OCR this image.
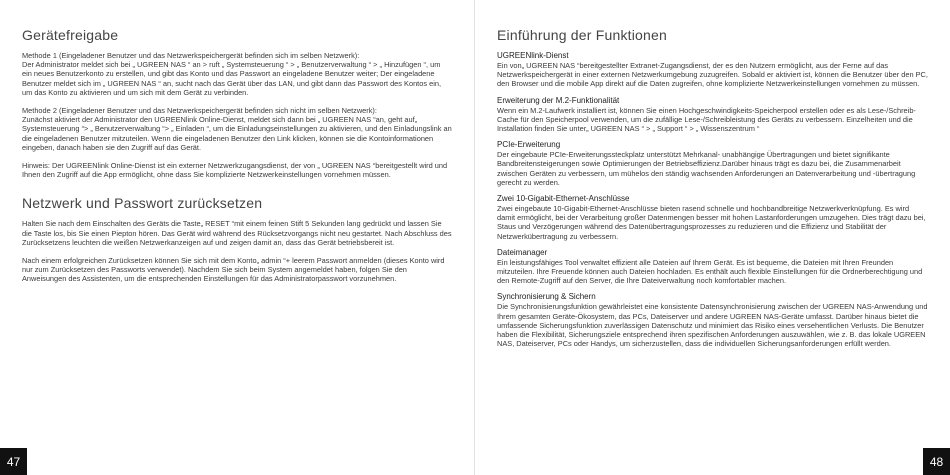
Gerätefreigabe

Methode 1 (Eingeladener Benutzer und das Netzwerkspeichergerät befinden sich im selben Netzwerk):

Der Administrator meldet sich bei „ UGREEN NAS “ an > ruft „ Systemsteuerung “ > „ Benutzerverwaltung “ > „ Hinzufügen “, um ein neues Benutzerkonto zu erstellen, und gibt das Konto und das Passwort an eingeladene Benutzer weiter; Der eingeladene Benutzer meldet sich im „ UGREEN NAS “ an, sucht nach das Gerät über das LAN, und gibt dann das Passwort des Kontos ein, um das Konto zu aktivieren und um sich mit dem Gerät zu verbinden.

Methode 2 (Eingeladener Benutzer und das Netzwerkspeichergerät befinden sich nicht im selben Netzwerk):

Zunächst aktiviert der Administrator den UGREENlink Online-Dienst, meldet sich dann bei „ UGREEN NAS “an, geht auf„ Systemsteuerung “> „ Benutzerverwaltung “> „ Einladen “, um die Einladungseinstellungen zu aktivieren, und den Einladungslink an die eingeladenen Benutzer mitzuteilen. Wenn die eingeladenen Benutzer den Link klicken, können sie die Kontoinformationen eingeben, danach haben sie den Zugriff auf das Gerät.

Hinweis: Der UGREENlink Online-Dienst ist ein externer Netzwerkzugangsdienst, der von „ UGREEN NAS “bereitgestellt wird und Ihnen den Zugriff auf die App ermöglicht, ohne dass Sie komplizierte Netzwerkeinstellungen vornehmen müssen.

Netzwerk und Passwort zurücksetzen

Halten Sie nach dem Einschalten des Geräts die Taste„ RESET “mit einem feinen Stift 5 Sekunden lang gedrückt und lassen Sie die Taste los, bis Sie einen Piepton hören. Das Gerät wird während des Rücksetzvorgangs nicht neu gestartet. Nach Abschluss des Zurücksetzens leuchten die weißen Netzwerkanzeigen auf und zeigen damit an, dass das Gerät betriebsbereit ist.

Nach einem erfolgreichen Zurücksetzen können Sie sich mit dem Konto„ admin “+ leerem Passwort anmelden (dieses Konto wird nur zum Zurücksetzen des Passworts verwendet). Nachdem Sie sich beim System angemeldet haben, folgen Sie den Anweisungen des Assistenten, um die entsprechenden Einstellungen für das Administratorpasswort vorzunehmen.

47
Einführung der Funktionen
UGREENlink-Dienst

Ein von„ UGREEN NAS “bereitgestellter Extranet-Zugangsdienst, der es den Nutzern ermöglicht, aus der Ferne auf das Netzwerkspeichergerät in einer externen Netzwerkumgebung zuzugreifen. Sobald er aktiviert ist, können die Benutzer über den PC, den Browser und die mobile App direkt auf die Daten zugreifen, ohne komplizierte Netzwerkeinstellungen vornehmen zu müssen.

Erweiterung der M.2-Funktionalität

Wenn ein M.2-Laufwerk installiert ist, können Sie einen Hochgeschwindigkeits-Speicherpool erstellen oder es als Lese-/Schreib-Cache für den Speicherpool verwenden, um die zufällige Lese-/Schreibleistung des Geräts zu verbessern. Einzelheiten und die Installation finden Sie unter„ UGREEN NAS “ > „ Support “ > „ Wissenszentrum “

PCIe-Erweiterung

Der eingebaute PCIe-Erweiterungssteckplatz unterstützt Mehrkanal- unabhängige Übertragungen und bietet signifikante Bandbreitensteigerungen sowie Optimierungen der Betriebseffizienz.Darüber hinaus trägt es dazu bei, die Zusammenarbeit zwischen Geräten zu verbessern, um mühelos den ständig wachsenden Anforderungen an Datenverarbeitung und -übertragung gerecht zu werden.

Zwei 10-Gigabit-Ethernet-Anschlüsse

Zwei eingebaute 10-Gigabit-Ethernet-Anschlüsse bieten rasend schnelle und hochbandbreitige Netzwerkverknüpfung. Es wird damit ermöglicht, bei der Verarbeitung großer Datenmengen besser mit hohen Lastanforderungen umzugehen. Dies trägt dazu bei, Staus und Verzögerungen während des Datenübertragungsprozesses zu reduzieren und die Effizienz und Stabilität der Netzwerkübertragung zu verbessern.

Dateimanager

Ein leistungsfähiges Tool verwaltet effizient alle Dateien auf Ihrem Gerät. Es ist bequeme, die Dateien mit Ihren Freunden mitzuteilen. Ihre Freuende können auch Dateien hochladen. Es enthält auch flexible Einstellungen für die Ordnerberechtigung und den Remote-Zugriff auf den Server, die Ihre Dateiverwaltung noch komfortabler machen.

Synchronisierung & Sichern

Die Synchronisierungsfunktion gewährleistet eine konsistente Datensynchronisierung zwischen der UGREEN NAS-Anwendung und Ihrem gesamten Geräte-Ökosystem, das PCs, Dateiserver und andere UGREEN NAS-Geräte umfasst. Darüber hinaus bietet die umfassende Sicherungsfunktion zuverlässigen Datenschutz und minimiert das Risiko eines versehentlichen Verlusts. Die Benutzer haben die Flexibilität, Sicherungsziele entsprechend ihren spezifischen Anforderungen auszuwählen, wie z. B. das lokale UGREEN NAS, Dateiserver, PCs oder Handys, um sicherzustellen, dass die individuellen Sicherungsanforderungen erfüllt werden.

48
